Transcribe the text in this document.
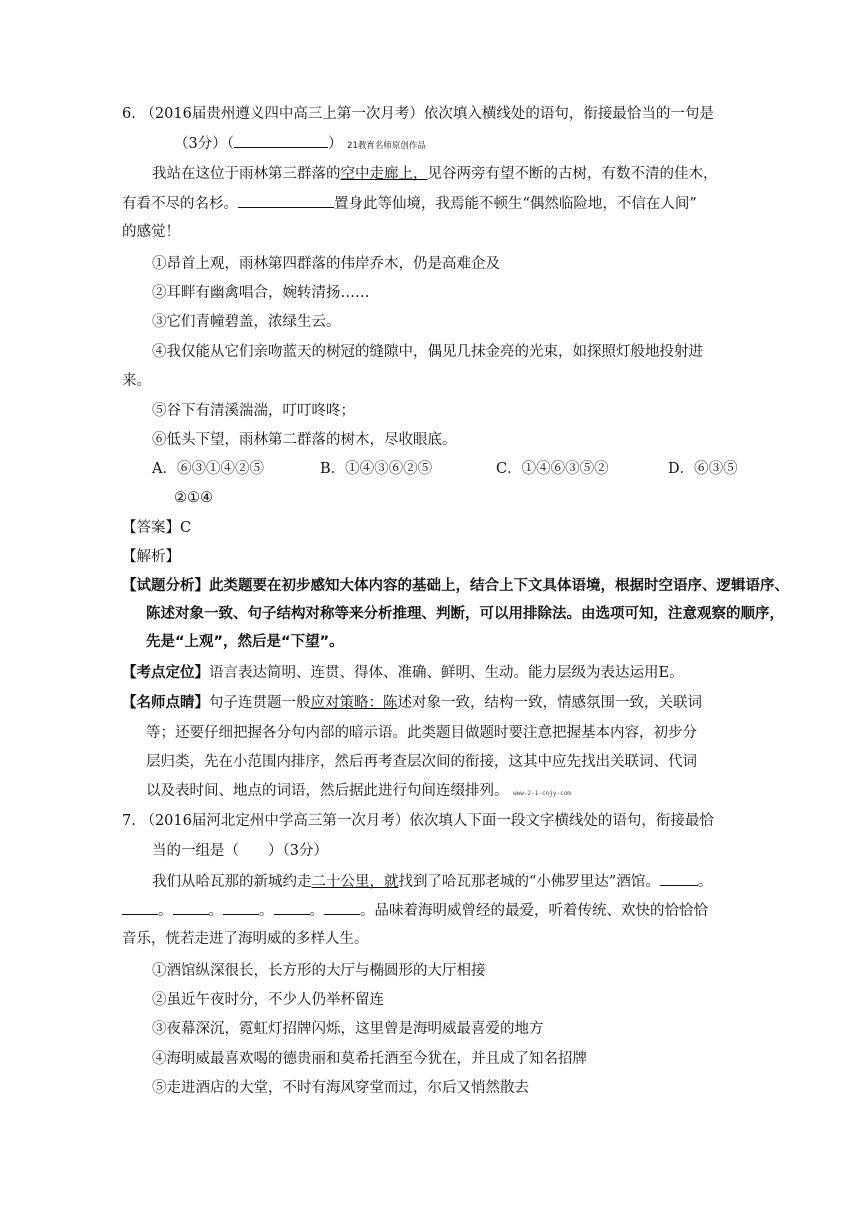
6. （2016届贵州遵义四中高三上第一次月考）依次填入横线处的语句，衔接最恰当的一句是
（3分）（	） 21教育名师原创作品
我站在这位于雨林第三群落的空中走廊上，见谷两旁有望不断的古树，有数不清的佳木，
有看不尽的名杉。	置身此等仙境，我焉能不顿生“偶然临险地，不信在人间”
的感觉！
①昂首上观，雨林第四群落的伟岸乔木，仍是高难企及
②耳畔有幽禽唱合，婉转清扬……
③它们青幢碧盖，浓绿生云。
④我仅能从它们亲吻蓝天的树冠的缝隙中，偶见几抹金亮的光束，如探照灯般地投射进
来。
⑤谷下有清溪湍湍，叮叮咚咚；
⑥低头下望，雨林第二群落的树木，尽收眼底。
A．⑥③①④②⑤	B．①④③⑥②⑤	C．①④⑥③⑤②	D．⑥③⑤
②①④
【答案】C
【解析】
【试题分析】此类题要在初步感知大体内容的基础上，结合上下文具体语境，根据时空语序、逻辑语序、
陈述对象一致、句子结构对称等来分析推理、判断，可以用排除法。由选项可知，注意观察的顺序，
先是“上观”，然后是“下望”。
【考点定位】语言表达简明、连贯、得体、准确、鲜明、生动。能力层级为表达运用E。
【名师点睛】句子连贯题一般应对策略：陈述对象一致，结构一致，情感氛围一致，关联词
等；还要仔细把握各分句内部的暗示语。此类题目做题时要注意把握基本内容，初步分
层归类，先在小范围内排序，然后再考查层次间的衔接，这其中应先找出关联词、代词
以及表时间、地点的词语，然后据此进行句间连缀排列。 www-2-1-cnjy-com
7. （2016届河北定州中学高三第一次月考）依次填人下面一段文字横线处的语句，衔接最恰
当的一组是（　　）（3分）
我们从哈瓦那的新城约走二十公里，就找到了哈瓦那老城的“小佛罗里达”酒馆。	。
。 。 。 。 。品味着海明威曾经的最爱，听着传统、欢快的恰恰恰
音乐，恍若走进了海明威的多样人生。
①酒馆纵深很长，长方形的大厅与椭圆形的大厅相接
②虽近午夜时分，不少人仍举杯留连
③夜幕深沉，霓虹灯招牌闪烁，这里曾是海明威最喜爱的地方
④海明威最喜欢喝的德贵丽和莫希托酒至今犹在，并且成了知名招牌
⑤走进酒店的大堂，不时有海风穿堂而过，尔后又悄然散去
